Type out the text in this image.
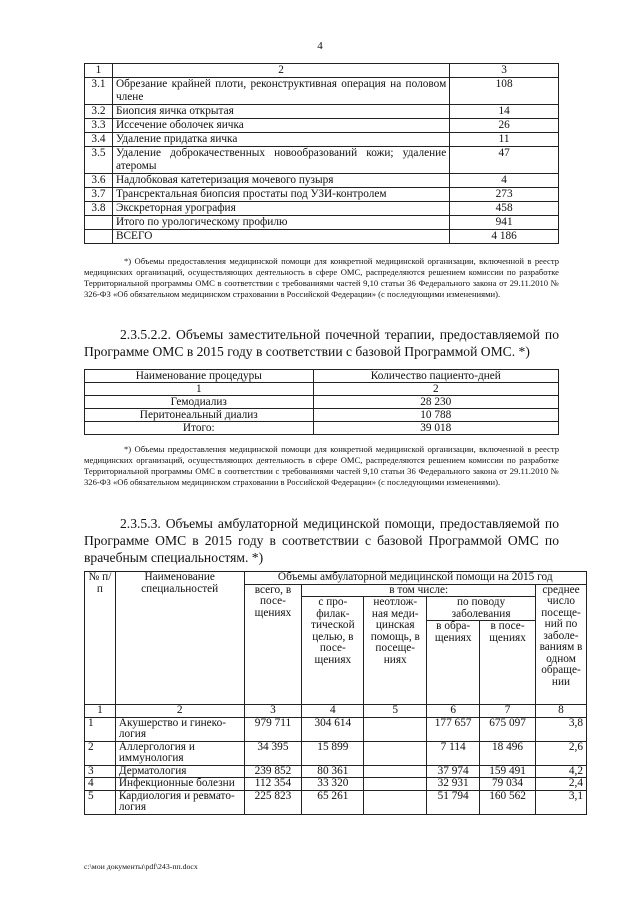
4
1	2	3
3.1	Обрезание крайней плоти, реконструктивная операция на половом члене	108
3.2	Биопсия яичка открытая	14
3.3	Иссечение оболочек яичка	26
3.4	Удаление придатка яичка	11
3.5	Удаление доброкачественных новообразований кожи; удаление атеромы	47
3.6	Надлобковая катетеризация мочевого пузыря	4
3.7	Трансректальная биопсия простаты под УЗИ-контролем	273
3.8	Экскреторная урография	458
	Итого по урологическому профилю	941
	ВСЕГО	4 186
*) Объемы предоставления медицинской помощи для конкретной медицинской организации, включенной в реестр медицинских организаций, осуществляющих деятельность в сфере ОМС, распределяются решением комиссии по разработке Территориальной программы ОМС в соответствии с требованиями частей 9,10 статьи 36 Федерального закона от 29.11.2010 № 326-ФЗ «Об обязательном медицинском страховании в Российской Федерации» (с последующими изменениями).
2.3.5.2.2. Объемы заместительной почечной терапии, предоставляемой по Программе ОМС в 2015 году в соответствии с базовой Программой ОМС. *)
Наименование процедуры	Количество пациенто-дней
1	2
Гемодиализ	28 230
Перитонеальный диализ	10 788
Итого:	39 018
*) Объемы предоставления медицинской помощи для конкретной медицинской организации, включенной в реестр медицинских организаций, осуществляющих деятельность в сфере ОМС, распределяются решением комиссии по разработке Территориальной программы ОМС в соответствии с требованиями частей 9,10 статьи 36 Федерального закона от 29.11.2010 № 326-ФЗ «Об обязательном медицинском страховании в Российской Федерации» (с последующими изменениями).
2.3.5.3. Объемы амбулаторной медицинской помощи, предоставляемой по Программе ОМС в 2015 году в соответствии с базовой Программой ОМС по врачебным специальностям. *)
№ п/п	Наименование специальностей	Объемы амбулаторной медицинской помощи на 2015 год					
		всего, в посе-щениях	в том числе:				среднее число посеще-ний по заболе-ваниям в одном обраще-нии
			с про-филак-тической целью, в посе-щениях	неотлож-ная меди-цинская помощь, в посеще-ниях	по поводу заболевания		
					в обра-щениях	в посе-щениях	
1	2	3	4	5	6	7	8
1	Акушерство и гинеко-логия	979 711	304 614		177 657	675 097	3,8
2	Аллергология и иммунология	34 395	15 899		7 114	18 496	2,6
3	Дерматология	239 852	80 361		37 974	159 491	4,2
4	Инфекционные болезни	112 354	33 320		32 931	79 034	2,4
5	Кардиология и ревмато-логия	225 823	65 261		51 794	160 562	3,1
c:\мои документы\pdf\243-пп.docx
